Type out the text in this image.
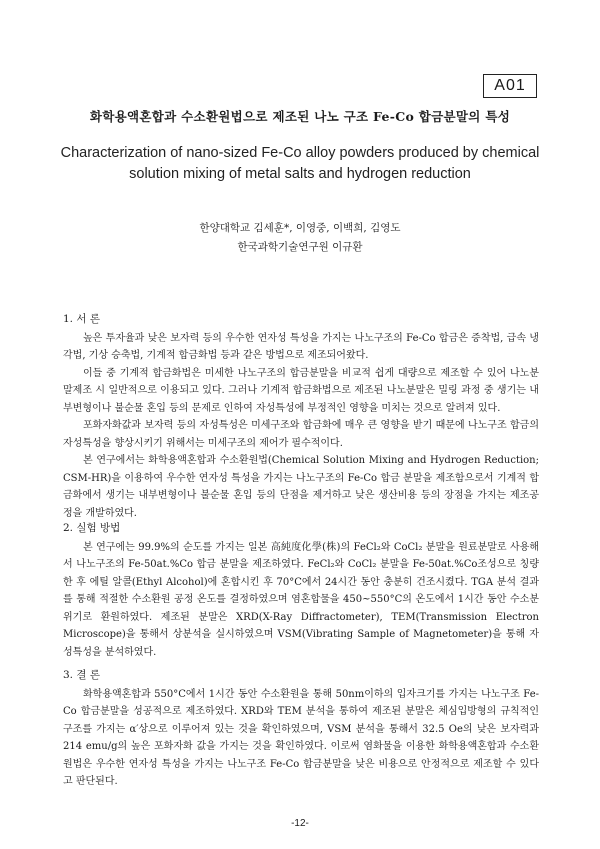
A01
화학용액혼합과 수소환원법으로 제조된 나노 구조 Fe-Co 합금분말의 특성
Characterization of nano-sized Fe-Co alloy powders produced by chemical solution mixing of metal salts and hydrogen reduction
한양대학교 김세훈*, 이영중, 이백희, 김영도
한국과학기술연구원 이규환
1. 서 론

높은 투자율과 낮은 보자력 등의 우수한 연자성 특성을 가지는 나노구조의 Fe-Co 합금은 증착법, 급속 냉각법, 기상 승축법, 기계적 합금화법 등과 같은 방법으로 제조되어왔다.

이들 중 기계적 합금화법은 미세한 나노구조의 합금분말을 비교적 쉽게 대량으로 제조할 수 있어 나노분말제조 시 일반적으로 이용되고 있다. 그러나 기계적 합금화법으로 제조된 나노분말은 밀링 과정 중 생기는 내부변형이나 불순물 혼입 등의 문제로 인하여 자성특성에 부정적인 영향을 미치는 것으로 알려져 있다.

포화자화값과 보자력 등의 자성특성은 미세구조와 합금화에 매우 큰 영향을 받기 때문에 나노구조 합금의 자성특성을 향상시키기 위해서는 미세구조의 제어가 필수적이다.

본 연구에서는 화학용액혼합과 수소환원법(Chemical Solution Mixing and Hydrogen Reduction; CSM-HR)을 이용하여 우수한 연자성 특성을 가지는 나노구조의 Fe-Co 합금 분말을 제조함으로서 기계적 합금화에서 생기는 내부변형이나 불순물 혼입 등의 단점을 제거하고 낮은 생산비용 등의 장점을 가지는 제조공정을 개발하였다.

2. 실험 방법

본 연구에는 99.9%의 순도를 가지는 일본 高純度化學(株)의 FeCl₂와 CoCl₂ 분말을 원료분말로 사용해서 나노구조의 Fe-50at.%Co 합금 분말을 제조하였다. FeCl₂와 CoCl₂ 분말을 Fe-50at.%Co조성으로 칭량한 후 에틸 알콜(Ethyl Alcohol)에 혼합시킨 후 70°C에서 24시간 동안 충분히 건조시켰다. TGA 분석 결과를 통해 적절한 수소환원 공정 온도를 결정하였으며 염혼합물을 450~550°C의 온도에서 1시간 동안 수소분위기로 환원하였다. 제조된 분말은 XRD(X-Ray Diffractometer), TEM(Transmission Electron Microscope)을 통해서 상분석을 실시하였으며 VSM(Vibrating Sample of Magnetometer)을 통해 자성특성을 분석하였다.

3. 결 론

화학용액혼합과 550°C에서 1시간 동안 수소환원을 통해 50nm이하의 입자크기를 가지는 나노구조 Fe-Co 합금분말을 성공적으로 제조하였다. XRD와 TEM 분석을 통하여 제조된 분말은 체심입방형의 규칙적인 구조를 가지는 α′상으로 이루어져 있는 것을 확인하였으며, VSM 분석을 통해서 32.5 Oe의 낮은 보자력과 214 emu/g의 높은 포화자화 값을 가지는 것을 확인하였다. 이로써 염화물을 이용한 화학용액혼합과 수소환원법은 우수한 연자성 특성을 가지는 나노구조 Fe-Co 합금분말을 낮은 비용으로 안정적으로 제조할 수 있다고 판단된다.

-12-
